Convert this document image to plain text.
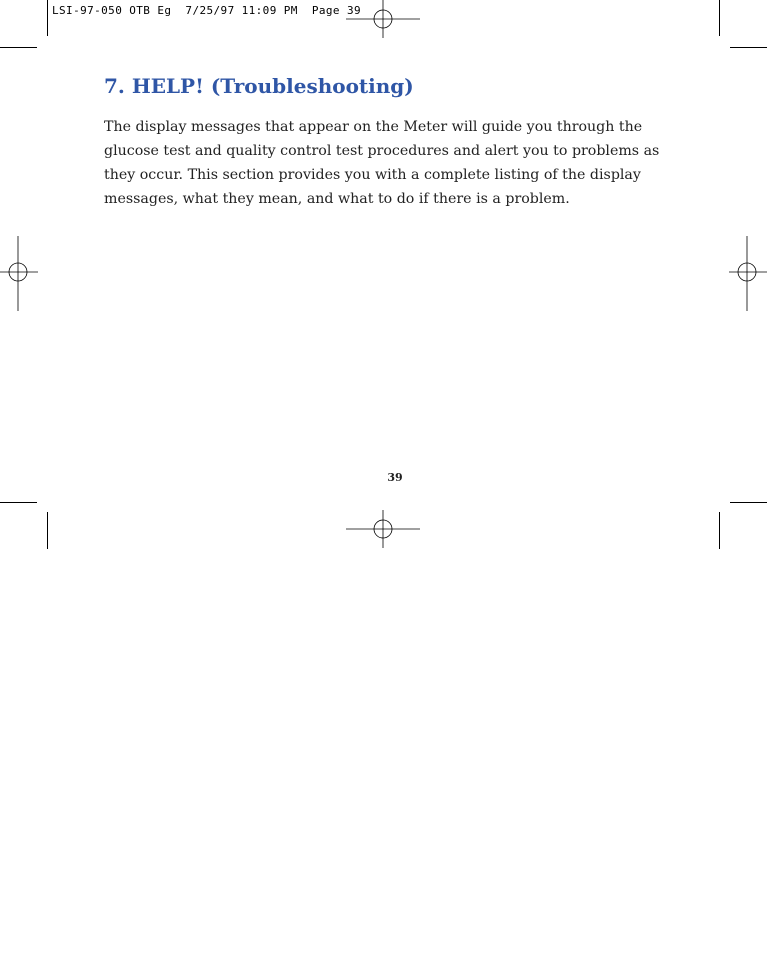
LSI-97-050 OTB Eg  7/25/97 11:09 PM  Page 39
7. HELP! (Troubleshooting)

The display messages that appear on the Meter will guide you through the glucose test and quality control test procedures and alert you to problems as they occur. This section provides you with a complete listing of the display messages, what they mean, and what to do if there is a problem.

39
